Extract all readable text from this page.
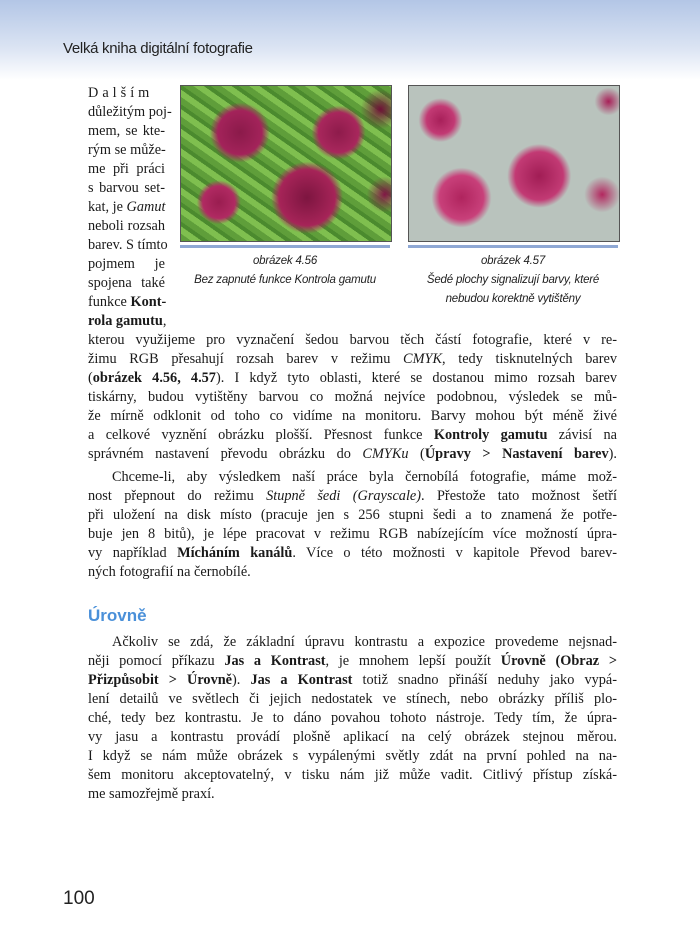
Velká kniha digitální fotografie
Dalším
důležitým poj-
mem, se kte-
rým se může-
me při práci
s barvou set-
kat, je Gamut
neboli rozsah
barev. S tímto
pojmem je
spojena také
funkce Kont-
rola gamutu,
obrázek 4.56
Bez zapnuté funkce Kontrola gamutu
obrázek 4.57
Šedé plochy signalizují barvy, které
nebudou korektně vytištěny
kterou využijeme pro vyznačení šedou barvou těch částí fotografie, které v re-
žimu RGB přesahují rozsah barev v režimu CMYK, tedy tisknutelných barev
(obrázek 4.56, 4.57). I když tyto oblasti, které se dostanou mimo rozsah barev
tiskárny, budou vytištěny barvou co možná nejvíce podobnou, výsledek se mů-
že mírně odklonit od toho co vidíme na monitoru. Barvy mohou být méně živé
a celkové vyznění obrázku plošší. Přesnost funkce Kontroly gamutu závisí na
správném nastavení převodu obrázku do CMYKu (Úpravy > Nastavení barev).
Chceme-li, aby výsledkem naší práce byla černobílá fotografie, máme mož-
nost přepnout do režimu Stupně šedi (Grayscale). Přestože tato možnost šetří
při uložení na disk místo (pracuje jen s 256 stupni šedi a to znamená že potře-
buje jen 8 bitů), je lépe pracovat v režimu RGB nabízejícím více možností úpra-
vy například Mícháním kanálů. Více o této možnosti v kapitole Převod barev-
ných fotografií na černobílé.
Úrovně
Ačkoliv se zdá, že základní úpravu kontrastu a expozice provedeme nejsnad-
něji pomocí příkazu Jas a Kontrast, je mnohem lepší použít Úrovně (Obraz >
Přizpůsobit > Úrovně). Jas a Kontrast totiž snadno přináší neduhy jako vypá-
lení detailů ve světlech či jejich nedostatek ve stínech, nebo obrázky příliš plo-
ché, tedy bez kontrastu. Je to dáno povahou tohoto nástroje. Tedy tím, že úpra-
vy jasu a kontrastu provádí plošně aplikací na celý obrázek stejnou měrou.
I když se nám může obrázek s vypálenými světly zdát na první pohled na na-
šem monitoru akceptovatelný, v tisku nám již může vadit. Citlivý přístup získá-
me samozřejmě praxí.
100
